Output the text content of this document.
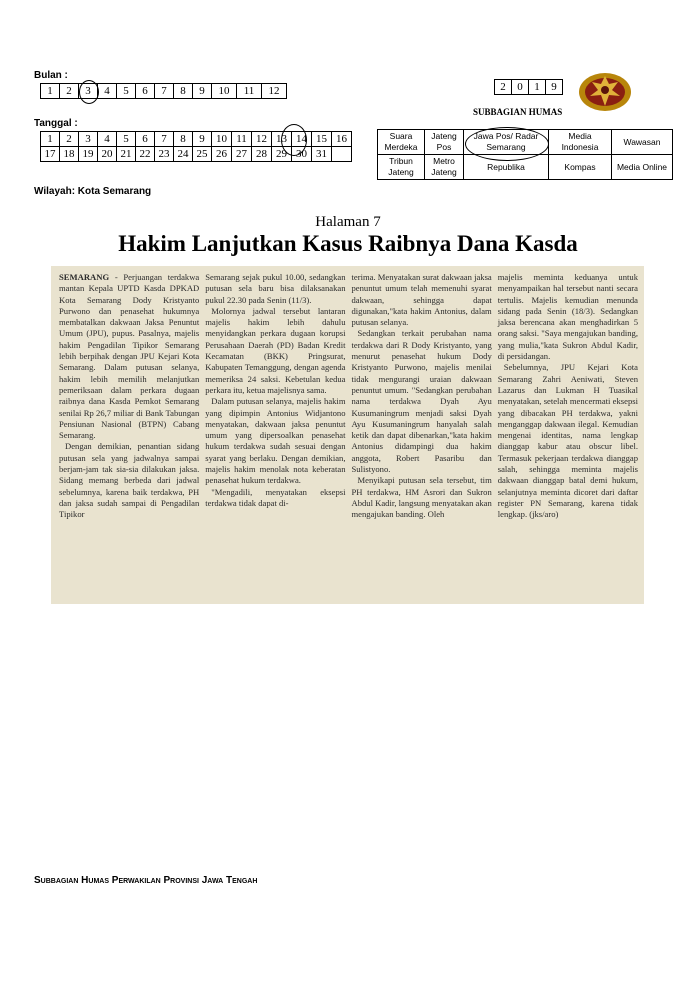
Bulan :
1	2	3	4	5	6	7	8	9	10	11	12
Tanggal :
1	2	3	4	5	6	7	8	9	10	11	12	13	14	15	16
17	18	19	20	21	22	23	24	25	26	27	28	29	30	31	
2	0	1	9
SUBBAGIAN HUMAS
Suara Merdeka	Jateng Pos	Jawa Pos/ Radar Semarang	Media Indonesia	Wawasan
Tribun Jateng	Metro Jateng	Republika	Kompas	Media Online
Wilayah: Kota Semarang
Halaman 7
Hakim Lanjutkan Kasus Raibnya Dana Kasda

SEMARANG - Perjuangan terdakwa mantan Kepala UPTD Kasda DPKAD Kota Semarang Dody Kristyanto Purwono dan penasehat hukumnya membatalkan dakwaan Jaksa Penuntut Umum (JPU), pupus. Pasalnya, majelis hakim Pengadilan Tipikor Semarang lebih berpihak dengan JPU Kejari Kota Semarang. Dalam putusan selanya, hakim lebih memilih melanjutkan pemeriksaan dalam perkara dugaan raibnya dana Kasda Pemkot Semarang senilai Rp 26,7 miliar di Bank Tabungan Pensiunan Nasional (BTPN) Cabang Semarang.

Dengan demikian, penantian sidang putusan sela yang jadwalnya sampai berjam-jam tak sia-sia dilakukan jaksa. Sidang memang berbeda dari jadwal sebelumnya, karena baik terdakwa, PH dan jaksa sudah sampai di Pengadilan Tipikor

Semarang sejak pukul 10.00, sedangkan putusan sela baru bisa dilaksanakan pukul 22.30 pada Senin (11/3).

Molornya jadwal tersebut lantaran majelis hakim lebih dahulu menyidangkan perkara dugaan korupsi Perusahaan Daerah (PD) Badan Kredit Kecamatan (BKK) Pringsurat, Kabupaten Temanggung, dengan agenda memeriksa 24 saksi. Kebetulan kedua perkara itu, ketua majelisnya sama.

Dalam putusan selanya, majelis hakim yang dipimpin Antonius Widjantono menyatakan, dakwaan jaksa penuntut umum yang dipersoalkan penasehat hukum terdakwa sudah sesuai dengan syarat yang berlaku. Dengan demikian, majelis hakim menolak nota keberatan penasehat hukum terdakwa.

"Mengadili, menyatakan eksepsi terdakwa tidak dapat di-

terima. Menyatakan surat dakwaan jaksa penuntut umum telah memenuhi syarat dakwaan, sehingga dapat digunakan,"kata hakim Antonius, dalam putusan selanya.

Sedangkan terkait perubahan nama terdakwa dari R Dody Kristyanto, yang menurut penasehat hukum Dody Kristyanto Purwono, majelis menilai tidak mengurangi uraian dakwaan penuntut umum. "Sedangkan perubahan nama terdakwa Dyah Ayu Kusumaningrum menjadi saksi Dyah Ayu Kusumaningrum hanyalah salah ketik dan dapat dibenarkan,"kata hakim Antonius didampingi dua hakim anggota, Robert Pasaribu dan Sulistyono.

Menyikapi putusan sela tersebut, tim PH terdakwa, HM Asrori dan Sukron Abdul Kadir, langsung menyatakan akan mengajukan banding. Oleh

majelis meminta keduanya untuk menyampaikan hal tersebut nanti secara tertulis. Majelis kemudian menunda sidang pada Senin (18/3). Sedangkan jaksa berencana akan menghadirkan 5 orang saksi. "Saya mengajukan banding, yang mulia,"kata Sukron Abdul Kadir, di persidangan.

Sebelumnya, JPU Kejari Kota Semarang Zahri Aeniwati, Steven Lazarus dan Lukman H Tuasikal menyatakan, setelah mencermati eksepsi yang dibacakan PH terdakwa, yakni menganggap dakwaan ilegal. Kemudian mengenai identitas, nama lengkap dianggap kabur atau obscur libel. Termasuk pekerjaan terdakwa dianggap salah, sehingga meminta majelis dakwaan dianggap batal demi hukum, selanjutnya meminta dicoret dari daftar register PN Semarang, karena tidak lengkap. (jks/aro)

Subbagian Humas Perwakilan Provinsi Jawa Tengah
